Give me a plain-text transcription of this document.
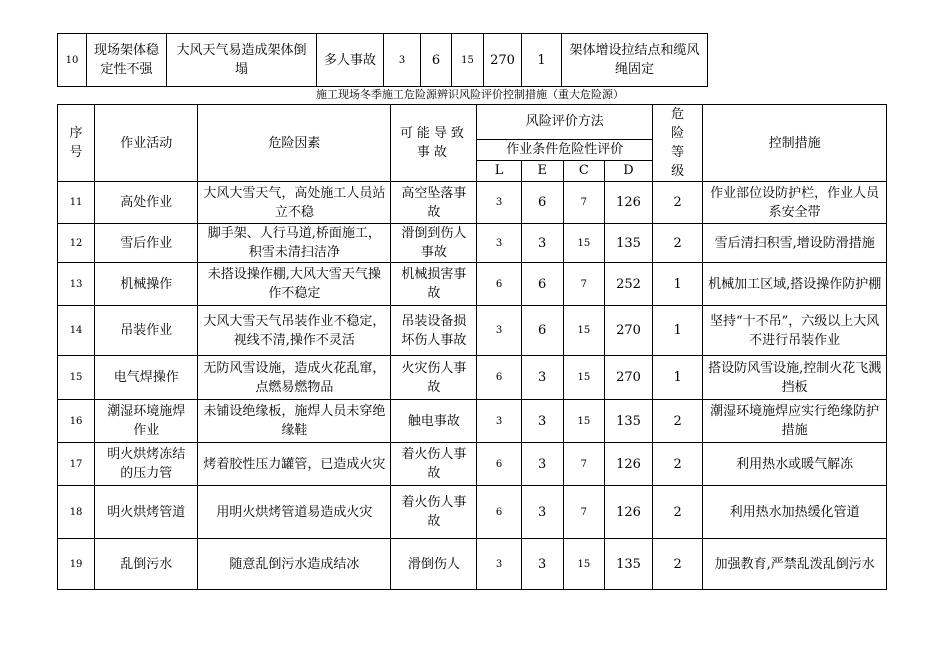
10	现场架体稳定性不强	大风天气易造成架体倒塌	多人事故	3	6	15	270	1	架体增设拉结点和缆风绳固定
施工现场冬季施工危险源辨识风险评价控制措施（重大危险源）
序号	作业活动	危险因素	可能导致事故	风险评价方法				危险等级	控制措施
				作业条件危险性评价					
				L	E	C	D		
11	高处作业	大风大雪天气，高处施工人员站立不稳	高空坠落事故	3	6	7	126	2	作业部位设防护栏，作业人员系安全带
12	雪后作业	脚手架、人行马道,桥面施工，积雪未清扫洁净	滑倒到伤人事故	3	3	15	135	2	雪后清扫积雪,增设防滑措施
13	机械操作	未搭设操作棚,大风大雪天气操作不稳定	机械损害事故	6	6	7	252	1	机械加工区域,搭设操作防护棚
14	吊装作业	大风大雪天气吊装作业不稳定，视线不清,操作不灵活	吊装设备损坏伤人事故	3	6	15	270	1	坚持“十不吊”，六级以上大风不进行吊装作业
15	电气焊操作	无防风雪设施，造成火花乱窜，点燃易燃物品	火灾伤人事故	6	3	15	270	1	搭设防风雪设施,控制火花飞溅挡板
16	潮湿环境施焊作业	未铺设绝缘板，施焊人员未穿绝缘鞋	触电事故	3	3	15	135	2	潮湿环境施焊应实行绝缘防护措施
17	明火烘烤冻结的压力管	烤着胶性压力罐管，已造成火灾	着火伤人事故	6	3	7	126	2	利用热水或暖气解冻
18	明火烘烤管道	用明火烘烤管道易造成火灾	着火伤人事故	6	3	7	126	2	利用热水加热缓化管道
19	乱倒污水	随意乱倒污水造成结冰	滑倒伤人	3	3	15	135	2	加强教育,严禁乱泼乱倒污水
